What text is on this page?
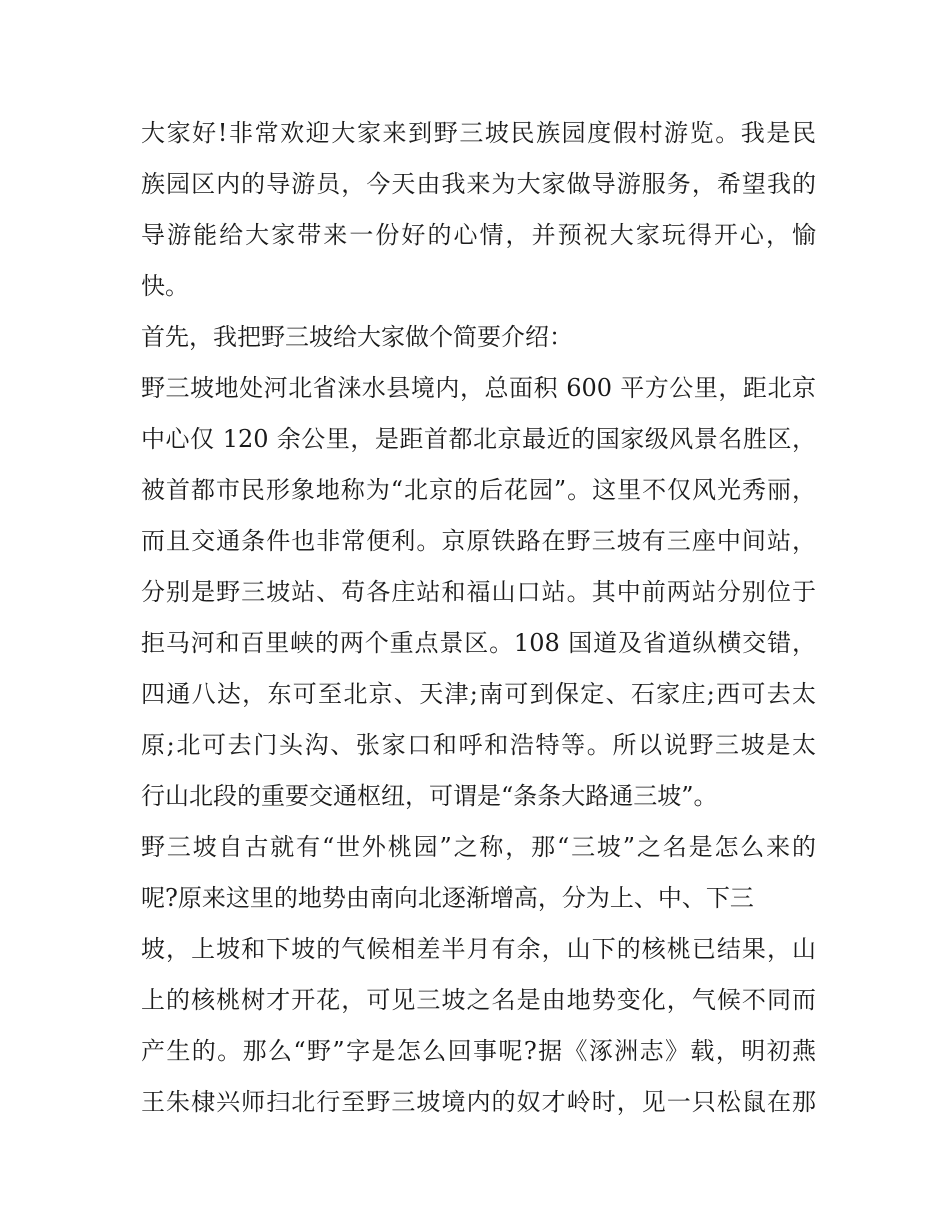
大家好!非常欢迎大家来到野三坡民族园度假村游览。我是民
族园区内的导游员，今天由我来为大家做导游服务，希望我的
导游能给大家带来一份好的心情，并预祝大家玩得开心，愉
快。
首先，我把野三坡给大家做个简要介绍：
野三坡地处河北省涞水县境内，总面积 600 平方公里，距北京
中心仅 120 余公里，是距首都北京最近的国家级风景名胜区，
被首都市民形象地称为“北京的后花园”。这里不仅风光秀丽，
而且交通条件也非常便利。京原铁路在野三坡有三座中间站，
分别是野三坡站、苟各庄站和福山口站。其中前两站分别位于
拒马河和百里峡的两个重点景区。108 国道及省道纵横交错，
四通八达，东可至北京、天津;南可到保定、石家庄;西可去太
原;北可去门头沟、张家口和呼和浩特等。所以说野三坡是太
行山北段的重要交通枢纽，可谓是“条条大路通三坡”。
野三坡自古就有“世外桃园”之称，那“三坡”之名是怎么来的
呢?原来这里的地势由南向北逐渐增高，分为上、中、下三
坡，上坡和下坡的气候相差半月有余，山下的核桃已结果，山
上的核桃树才开花，可见三坡之名是由地势变化，气候不同而
产生的。那么“野”字是怎么回事呢?据《涿洲志》载，明初燕
王朱棣兴师扫北行至野三坡境内的奴才岭时，见一只松鼠在那
